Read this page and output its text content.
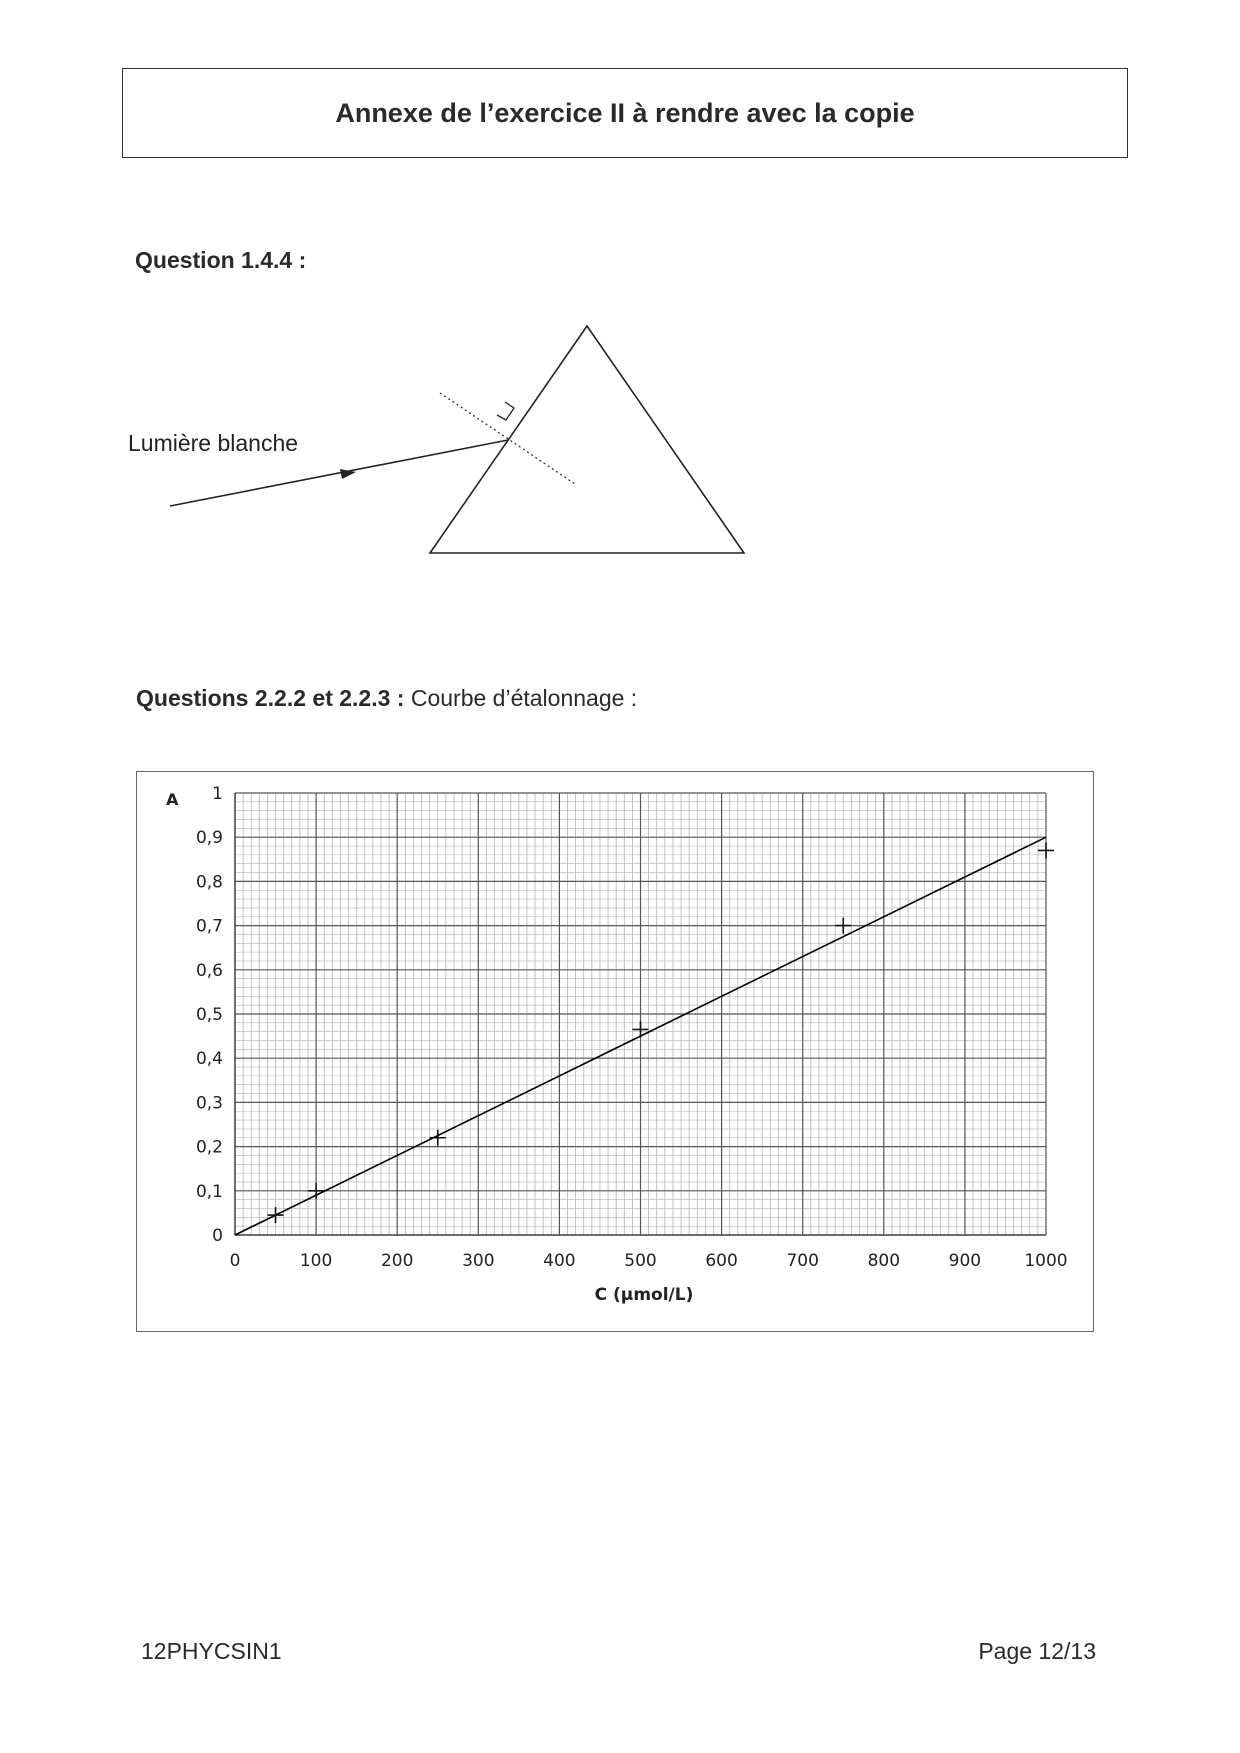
Annexe de l’exercice II à rendre avec la copie
Question 1.4.4 :
Lumière blanche
Questions 2.2.2 et 2.2.3 : Courbe d’étalonnage :
0	100	200	300	400	500	600	700	800	900	1000
0
0,1
0,2
0,3
0,4
0,5
0,6
0,7
0,8
0,9
1
A
C (µmol/L)
12PHYCSIN1	Page 12/13
